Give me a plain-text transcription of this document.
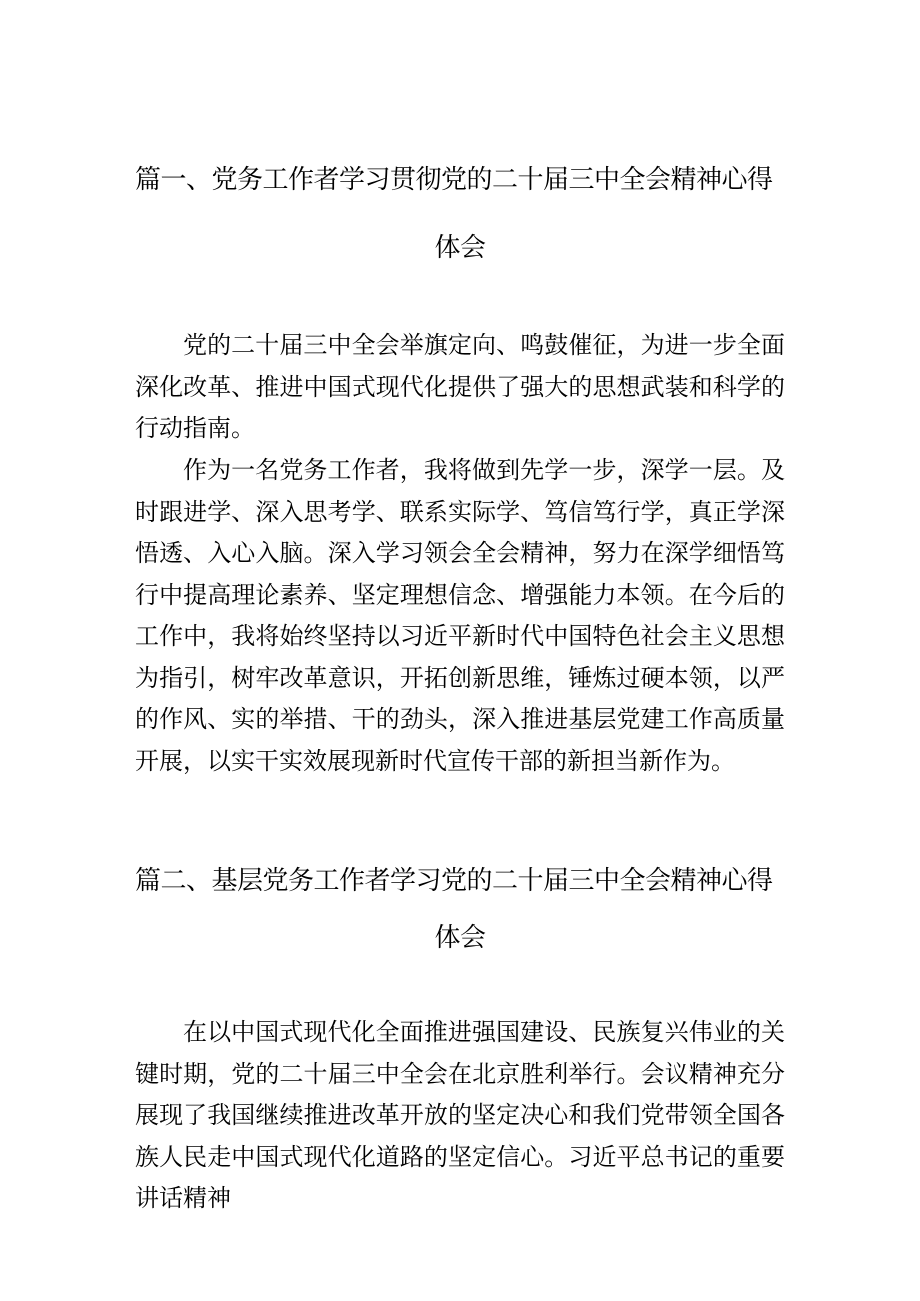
篇一、党务工作者学习贯彻党的二十届三中全会精神心得
体会

党的二十届三中全会举旗定向、鸣鼓催征，为进一步全面深化改革、推进中国式现代化提供了强大的思想武装和科学的行动指南。

作为一名党务工作者，我将做到先学一步，深学一层。及时跟进学、深入思考学、联系实际学、笃信笃行学，真正学深悟透、入心入脑。深入学习领会全会精神，努力在深学细悟笃行中提高理论素养、坚定理想信念、增强能力本领。在今后的工作中，我将始终坚持以习近平新时代中国特色社会主义思想为指引，树牢改革意识，开拓创新思维，锤炼过硬本领，以严的作风、实的举措、干的劲头，深入推进基层党建工作高质量开展，以实干实效展现新时代宣传干部的新担当新作为。

篇二、基层党务工作者学习党的二十届三中全会精神心得
体会

在以中国式现代化全面推进强国建设、民族复兴伟业的关键时期，党的二十届三中全会在北京胜利举行。会议精神充分展现了我国继续推进改革开放的坚定决心和我们党带领全国各族人民走中国式现代化道路的坚定信心。习近平总书记的重要讲话精神
